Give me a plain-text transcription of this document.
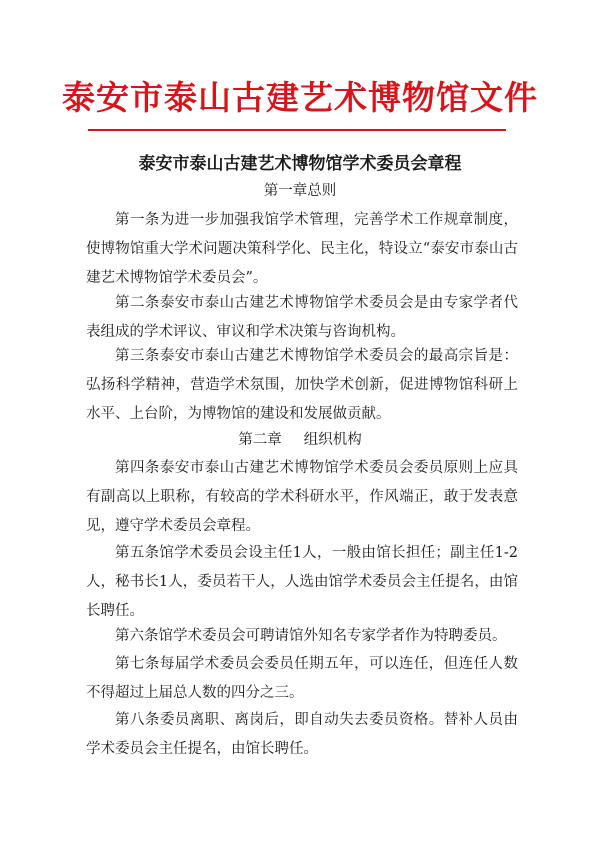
泰安市泰山古建艺术博物馆文件
泰安市泰山古建艺术博物馆学术委员会章程
第一章总则

第一条为进一步加强我馆学术管理，完善学术工作规章制度，使博物馆重大学术问题决策科学化、民主化，特设立“泰安市泰山古建艺术博物馆学术委员会”。

第二条泰安市泰山古建艺术博物馆学术委员会是由专家学者代表组成的学术评议、审议和学术决策与咨询机构。

第三条泰安市泰山古建艺术博物馆学术委员会的最高宗旨是：弘扬科学精神，营造学术氛围，加快学术创新，促进博物馆科研上水平、上台阶，为博物馆的建设和发展做贡献。

第二章 组织机构

第四条泰安市泰山古建艺术博物馆学术委员会委员原则上应具有副高以上职称，有较高的学术科研水平，作风端正，敢于发表意见，遵守学术委员会章程。

第五条馆学术委员会设主任1人，一般由馆长担任；副主任1-2人，秘书长1人，委员若干人，人选由馆学术委员会主任提名，由馆长聘任。

第六条馆学术委员会可聘请馆外知名专家学者作为特聘委员。

第七条每届学术委员会委员任期五年，可以连任，但连任人数不得超过上届总人数的四分之三。

第八条委员离职、离岗后，即自动失去委员资格。替补人员由学术委员会主任提名，由馆长聘任。
